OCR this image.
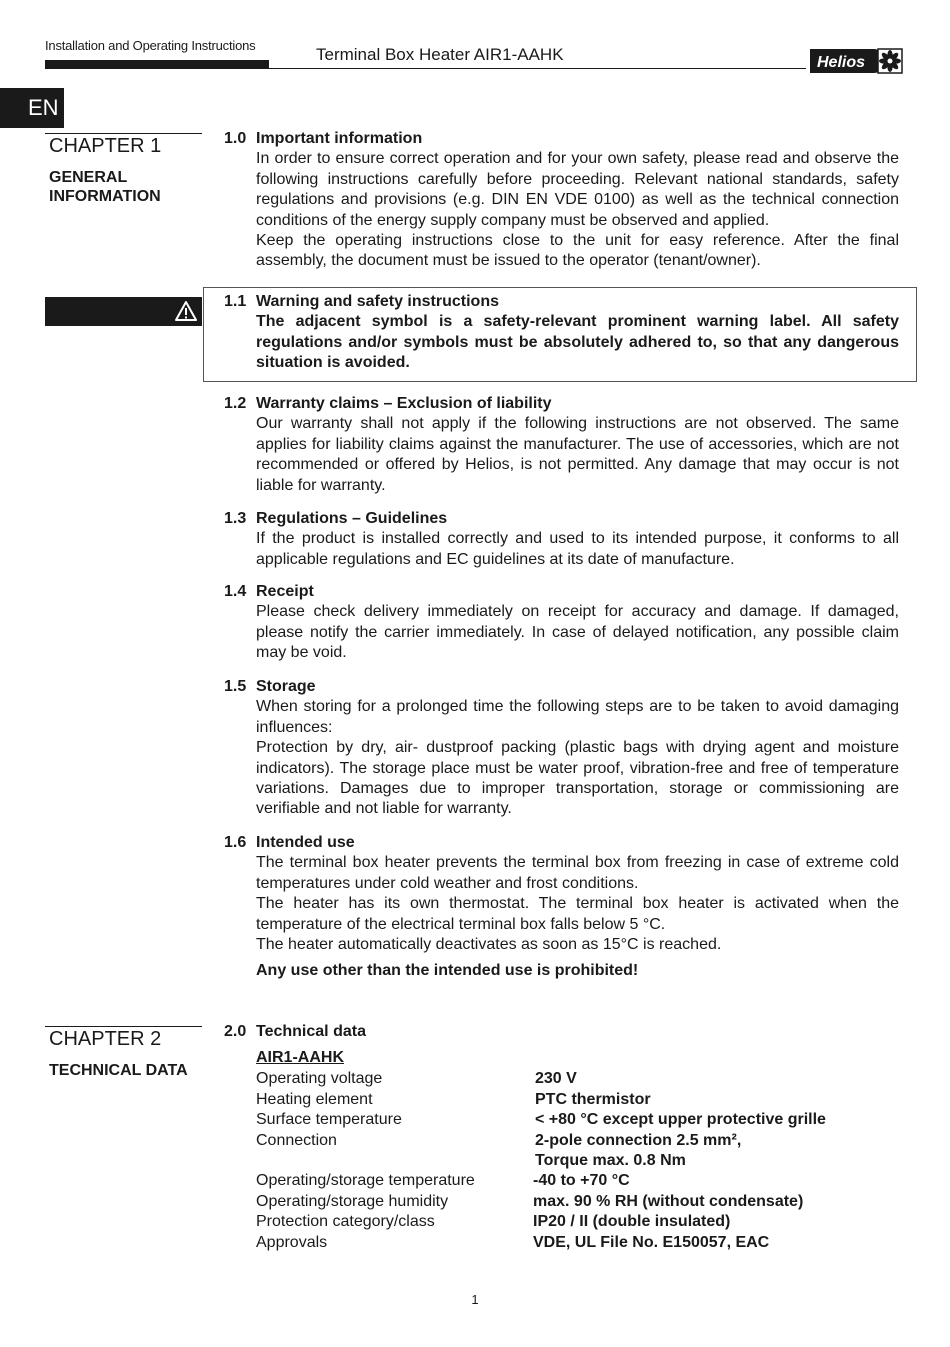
Installation and Operating Instructions	Terminal Box Heater AIR1-AAHK	Helios
EN
CHAPTER 1
GENERAL
INFORMATION
1.0 Important information

In order to ensure correct operation and for your own safety, please read and observe the following instructions carefully before proceeding. Relevant national standards, safety regulations and provisions (e.g. DIN EN VDE 0100) as well as the technical connection conditions of the energy supply company must be observed and applied.

Keep the operating instructions close to the unit for easy reference. After the final assembly, the document must be issued to the operator (tenant/owner).

1.1 Warning and safety instructions

The adjacent symbol is a safety-relevant prominent warning label. All safety regulations and/or symbols must be absolutely adhered to, so that any dangerous situation is avoided.

1.2 Warranty claims – Exclusion of liability

Our warranty shall not apply if the following instructions are not observed. The same applies for liability claims against the manufacturer. The use of accessories, which are not recommended or offered by Helios, is not permitted. Any damage that may occur is not liable for warranty.

1.3 Regulations – Guidelines

If the product is installed correctly and used to its intended purpose, it conforms to all applicable regulations and EC guidelines at its date of manufacture.

1.4 Receipt

Please check delivery immediately on receipt for accuracy and damage. If damaged, please notify the carrier immediately. In case of delayed notification, any possible claim may be void.

1.5 Storage

When storing for a prolonged time the following steps are to be taken to avoid damaging influences:

Protection by dry, air- dustproof packing (plastic bags with drying agent and moisture indicators). The storage place must be water proof, vibration-free and free of temperature variations. Damages due to improper transportation, storage or commissioning are verifiable and not liable for warranty.

1.6 Intended use

The terminal box heater prevents the terminal box from freezing in case of extreme cold temperatures under cold weather and frost conditions.

The heater has its own thermostat. The terminal box heater is activated when the temperature of the electrical terminal box falls below 5 °C.

The heater automatically deactivates as soon as 15°C is reached.

Any use other than the intended use is prohibited!

CHAPTER 2
TECHNICAL DATA
2.0 Technical data

AIR1-AAHK
Operating voltage	230 V
Heating element	PTC thermistor
Surface temperature	< +80 °C except upper protective grille
Connection	2-pole connection 2.5 mm²,
Torque max. 0.8 Nm
Operating/storage temperature	-40 to +70 °C
Operating/storage humidity	max. 90 % RH (without condensate)
Protection category/class	IP20 / II (double insulated)
Approvals	VDE, UL File No. E150057, EAC
1
